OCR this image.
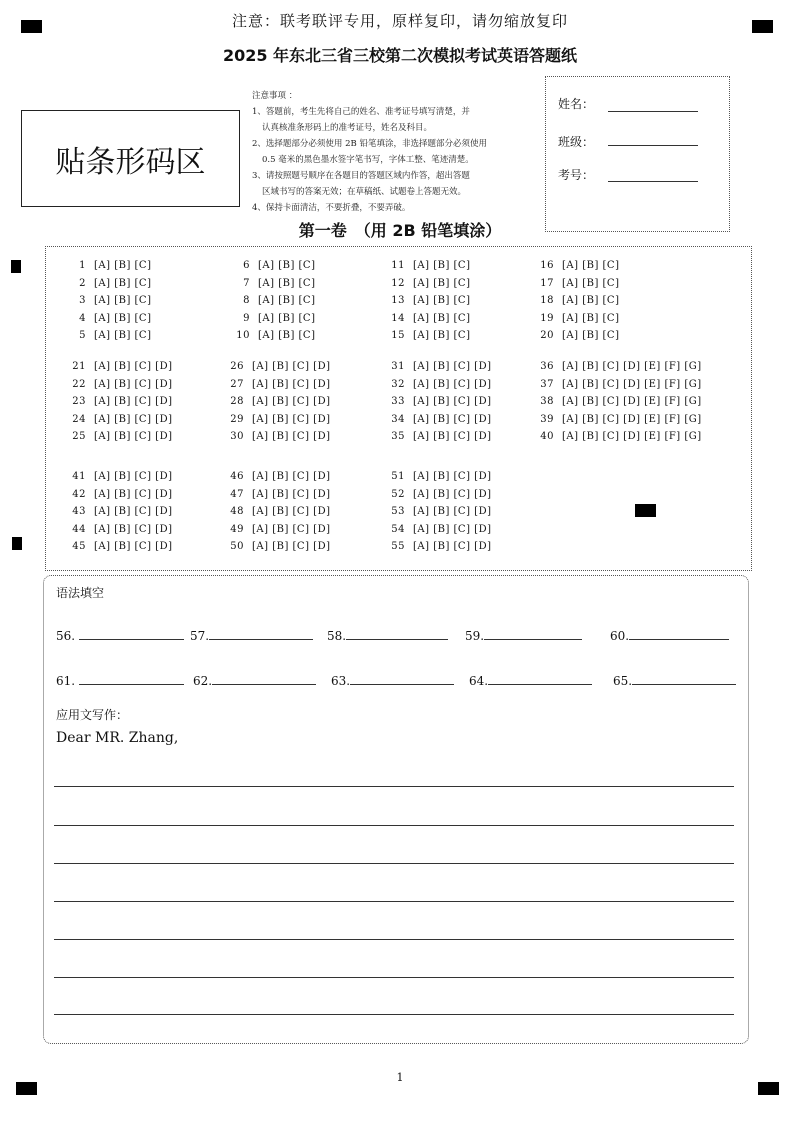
注意：联考联评专用，原样复印，请勿缩放复印
2025 年东北三省三校第二次模拟考试英语答题纸
贴条形码区
注意事项 ：
1、答题前，考生先将自己的姓名、准考证号填写清楚，并
认真核准条形码上的准考证号，姓名及科目。
2、选择题部分必须使用 2B 铅笔填涂，非选择题部分必须使用
0.5 毫米的黑色墨水签字笔书写，字体工整、笔迹清楚。
3、请按照题号顺序在各题目的答题区域内作答，超出答题
区域书写的答案无效；在草稿纸、试题卷上答题无效。
4、保持卡面清洁，不要折叠，不要弄破。
姓名：
班级：
考号：
第一卷　（用 2B 铅笔填涂）
1 [A] [B] [C]
2 [A] [B] [C]
3 [A] [B] [C]
4 [A] [B] [C]
5 [A] [B] [C]
6 [A] [B] [C]
7 [A] [B] [C]
8 [A] [B] [C]
9 [A] [B] [C]
10 [A] [B] [C]
11 [A] [B] [C]
12 [A] [B] [C]
13 [A] [B] [C]
14 [A] [B] [C]
15 [A] [B] [C]
16 [A] [B] [C]
17 [A] [B] [C]
18 [A] [B] [C]
19 [A] [B] [C]
20 [A] [B] [C]
21 [A] [B] [C] [D]
22 [A] [B] [C] [D]
23 [A] [B] [C] [D]
24 [A] [B] [C] [D]
25 [A] [B] [C] [D]
26 [A] [B] [C] [D]
27 [A] [B] [C] [D]
28 [A] [B] [C] [D]
29 [A] [B] [C] [D]
30 [A] [B] [C] [D]
31 [A] [B] [C] [D]
32 [A] [B] [C] [D]
33 [A] [B] [C] [D]
34 [A] [B] [C] [D]
35 [A] [B] [C] [D]
36 [A] [B] [C] [D] [E] [F] [G]
37 [A] [B] [C] [D] [E] [F] [G]
38 [A] [B] [C] [D] [E] [F] [G]
39 [A] [B] [C] [D] [E] [F] [G]
40 [A] [B] [C] [D] [E] [F] [G]
41 [A] [B] [C] [D]
42 [A] [B] [C] [D]
43 [A] [B] [C] [D]
44 [A] [B] [C] [D]
45 [A] [B] [C] [D]
46 [A] [B] [C] [D]
47 [A] [B] [C] [D]
48 [A] [B] [C] [D]
49 [A] [B] [C] [D]
50 [A] [B] [C] [D]
51 [A] [B] [C] [D]
52 [A] [B] [C] [D]
53 [A] [B] [C] [D]
54 [A] [B] [C] [D]
55 [A] [B] [C] [D]
语法填空
56.	57.	58.	59.	60.
61.	62.	63.	64.	65.
应用文写作：
Dear MR. Zhang,
1
